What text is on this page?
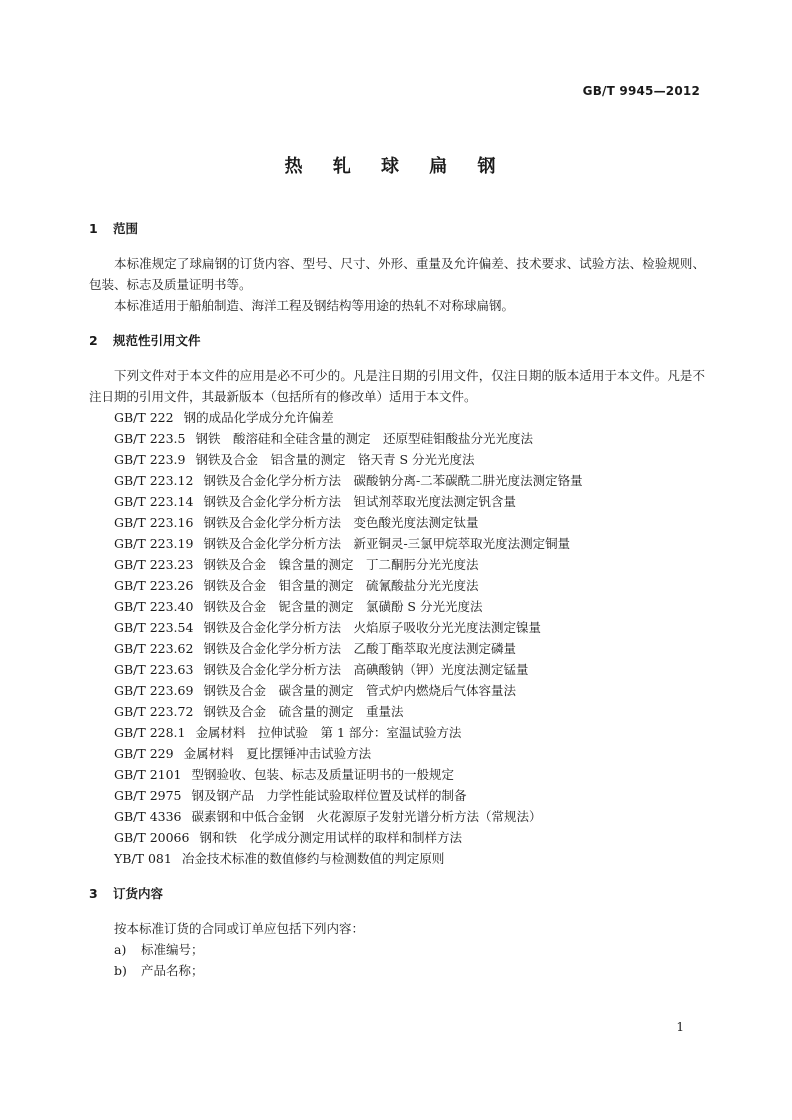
GB/T 9945—2012
热 轧 球 扁 钢
1 范围
本标准规定了球扁钢的订货内容、型号、尺寸、外形、重量及允许偏差、技术要求、试验方法、检验规则、包装、标志及质量证明书等。
本标准适用于船舶制造、海洋工程及钢结构等用途的热轧不对称球扁钢。
2 规范性引用文件
下列文件对于本文件的应用是必不可少的。凡是注日期的引用文件，仅注日期的版本适用于本文件。凡是不注日期的引用文件，其最新版本（包括所有的修改单）适用于本文件。
GB/T 222 钢的成品化学成分允许偏差
GB/T 223.5 钢铁　酸溶硅和全硅含量的测定　还原型硅钼酸盐分光光度法
GB/T 223.9 钢铁及合金　铝含量的测定　铬天青 S 分光光度法
GB/T 223.12 钢铁及合金化学分析方法　碳酸钠分离-二苯碳酰二肼光度法测定铬量
GB/T 223.14 钢铁及合金化学分析方法　钽试剂萃取光度法测定钒含量
GB/T 223.16 钢铁及合金化学分析方法　变色酸光度法测定钛量
GB/T 223.19 钢铁及合金化学分析方法　新亚铜灵-三氯甲烷萃取光度法测定铜量
GB/T 223.23 钢铁及合金　镍含量的测定　丁二酮肟分光光度法
GB/T 223.26 钢铁及合金　钼含量的测定　硫氰酸盐分光光度法
GB/T 223.40 钢铁及合金　铌含量的测定　氯磺酚 S 分光光度法
GB/T 223.54 钢铁及合金化学分析方法　火焰原子吸收分光光度法测定镍量
GB/T 223.62 钢铁及合金化学分析方法　乙酸丁酯萃取光度法测定磷量
GB/T 223.63 钢铁及合金化学分析方法　高碘酸钠（钾）光度法测定锰量
GB/T 223.69 钢铁及合金　碳含量的测定　管式炉内燃烧后气体容量法
GB/T 223.72 钢铁及合金　硫含量的测定　重量法
GB/T 228.1 金属材料　拉伸试验　第 1 部分：室温试验方法
GB/T 229 金属材料　夏比摆锤冲击试验方法
GB/T 2101 型钢验收、包装、标志及质量证明书的一般规定
GB/T 2975 钢及钢产品　力学性能试验取样位置及试样的制备
GB/T 4336 碳素钢和中低合金钢　火花源原子发射光谱分析方法（常规法）
GB/T 20066 钢和铁　化学成分测定用试样的取样和制样方法
YB/T 081 冶金技术标准的数值修约与检测数值的判定原则
3 订货内容
按本标准订货的合同或订单应包括下列内容：
a) 标准编号；
b) 产品名称；
1
